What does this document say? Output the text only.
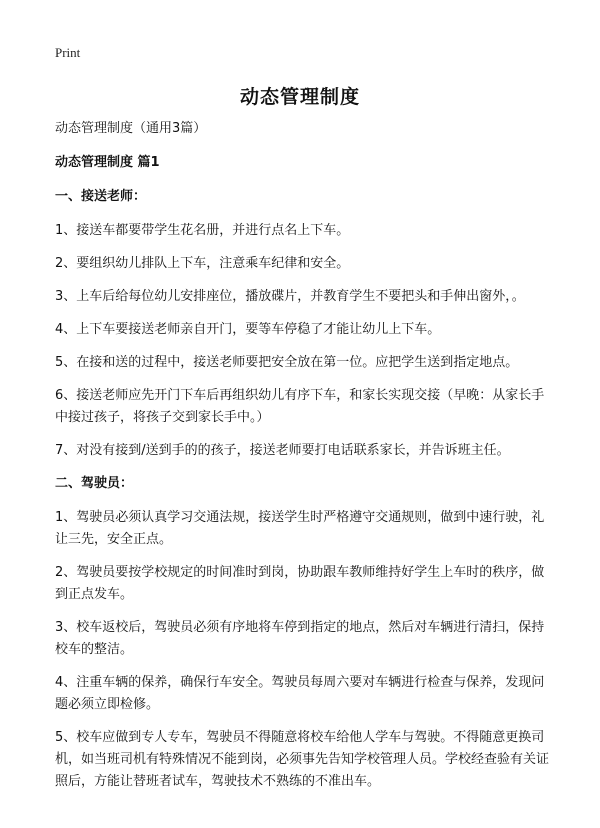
Print
动态管理制度

动态管理制度（通用3篇）

动态管理制度 篇1

一、接送老师：

1、接送车都要带学生花名册，并进行点名上下车。

2、要组织幼儿排队上下车，注意乘车纪律和安全。

3、上车后给每位幼儿安排座位，播放碟片，并教育学生不要把头和手伸出窗外，。

4、上下车要接送老师亲自开门，要等车停稳了才能让幼儿上下车。

5、在接和送的过程中，接送老师要把安全放在第一位。应把学生送到指定地点。

6、接送老师应先开门下车后再组织幼儿有序下车，和家长实现交接（早晚：从家长手中接过孩子，将孩子交到家长手中。）

7、对没有接到/送到手的的孩子，接送老师要打电话联系家长，并告诉班主任。

二、驾驶员：

1、驾驶员必须认真学习交通法规，接送学生时严格遵守交通规则，做到中速行驶，礼让三先，安全正点。

2、驾驶员要按学校规定的时间准时到岗，协助跟车教师维持好学生上车时的秩序，做到正点发车。

3、校车返校后，驾驶员必须有序地将车停到指定的地点，然后对车辆进行清扫，保持校车的整洁。

4、注重车辆的保养，确保行车安全。驾驶员每周六要对车辆进行检查与保养，发现问题必须立即检修。

5、校车应做到专人专车，驾驶员不得随意将校车给他人学车与驾驶。不得随意更换司机，如当班司机有特殊情况不能到岗，必须事先告知学校管理人员。学校经查验有关证照后，方能让替班者试车，驾驶技术不熟练的不准出车。
